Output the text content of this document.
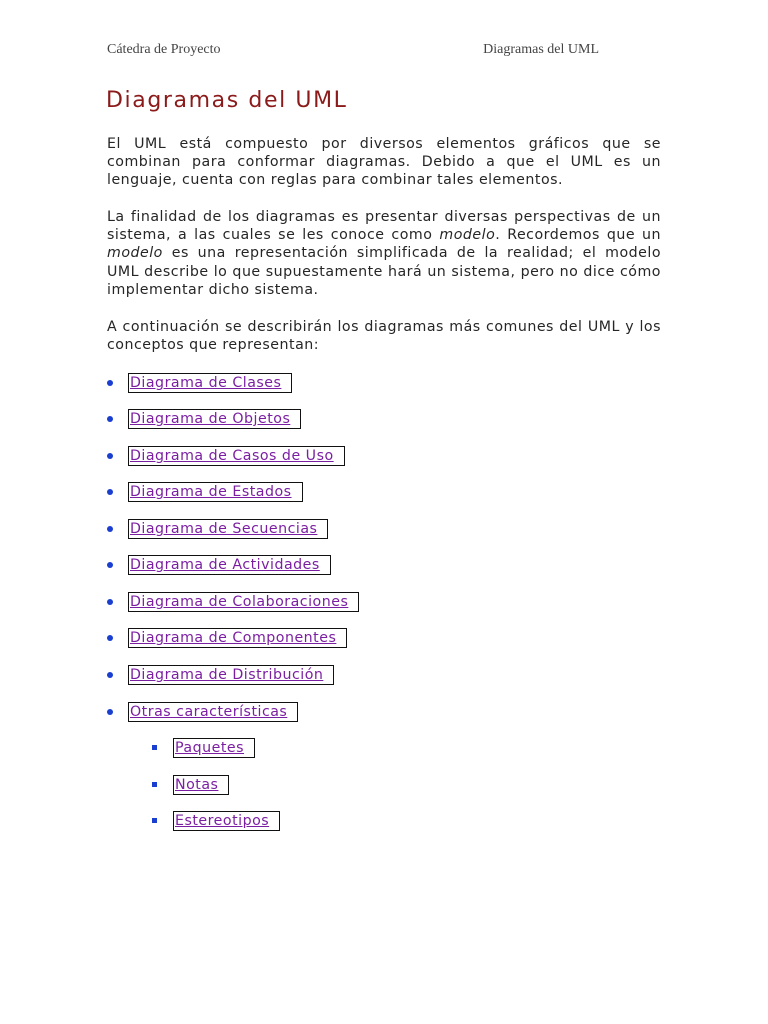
Cátedra de Proyecto	Diagramas del UML
Diagramas del UML

El UML está compuesto por diversos elementos gráficos que se combinan para conformar diagramas. Debido a que el UML es un lenguaje, cuenta con reglas para combinar tales elementos.

La finalidad de los diagramas es presentar diversas perspectivas de un sistema, a las cuales se les conoce como modelo. Recordemos que un modelo es una representación simplificada de la realidad; el modelo UML describe lo que supuestamente hará un sistema, pero no dice cómo implementar dicho sistema.

A continuación se describirán los diagramas más comunes del UML y los conceptos que representan:

Diagrama de Clases
Diagrama de Objetos
Diagrama de Casos de Uso
Diagrama de Estados
Diagrama de Secuencias
Diagrama de Actividades
Diagrama de Colaboraciones
Diagrama de Componentes
Diagrama de Distribución
Otras características
Paquetes
Notas
Estereotipos
